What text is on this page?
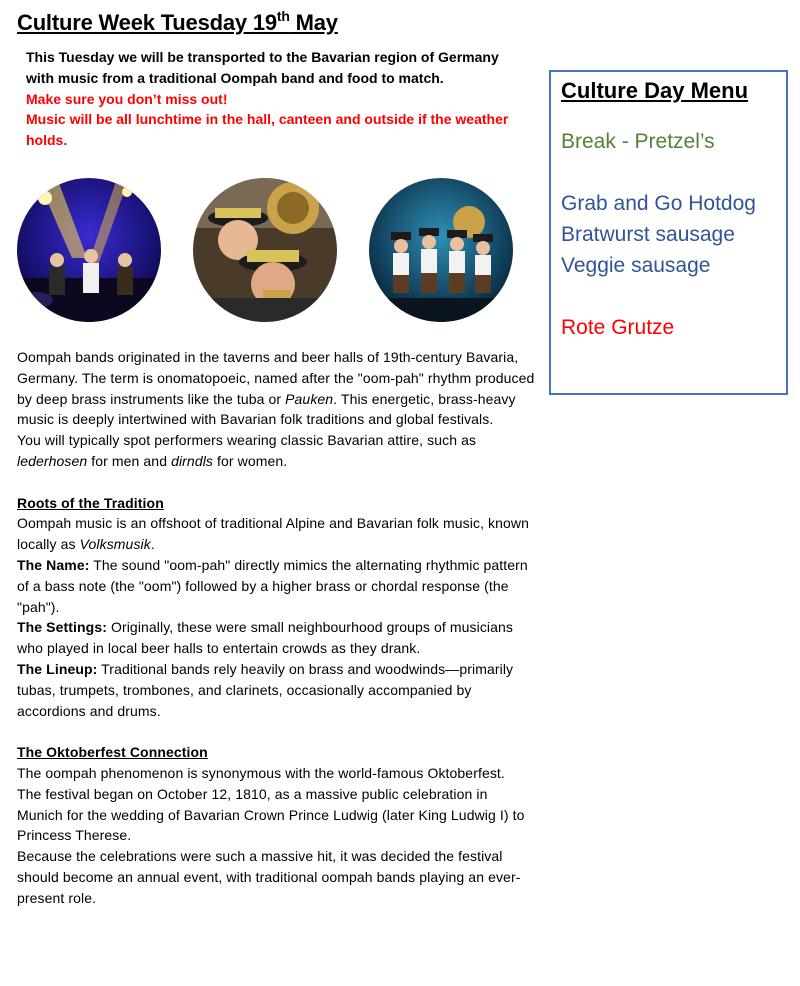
Culture Week Tuesday 19th May
This Tuesday we will be transported to the Bavarian region of Germany with music from a traditional Oompah band and food to match.
Make sure you don’t miss out!
Music will be all lunchtime in the hall, canteen and outside if the weather holds.

Oompah bands originated in the taverns and beer halls of 19th-century Bavaria, Germany. The term is onomatopoeic, named after the "oom-pah" rhythm produced by deep brass instruments like the tuba or Pauken. This energetic, brass-heavy music is deeply intertwined with Bavarian folk traditions and global festivals.

You will typically spot performers wearing classic Bavarian attire, such as lederhosen for men and dirndls for women.

Roots of the Tradition

Oompah music is an offshoot of traditional Alpine and Bavarian folk music, known locally as Volksmusik.

The Name: The sound "oom-pah" directly mimics the alternating rhythmic pattern of a bass note (the "oom") followed by a higher brass or chordal response (the "pah").

The Settings: Originally, these were small neighbourhood groups of musicians who played in local beer halls to entertain crowds as they drank.

The Lineup: Traditional bands rely heavily on brass and woodwinds—primarily tubas, trumpets, trombones, and clarinets, occasionally accompanied by accordions and drums.

The Oktoberfest Connection

The oompah phenomenon is synonymous with the world-famous Oktoberfest.

The festival began on October 12, 1810, as a massive public celebration in Munich for the wedding of Bavarian Crown Prince Ludwig (later King Ludwig I) to Princess Therese.

Because the celebrations were such a massive hit, it was decided the festival should become an annual event, with traditional oompah bands playing an ever-present role.

Culture Day Menu

Break - Pretzel’s

Grab and Go Hotdog

Bratwurst sausage

Veggie sausage

Rote Grutze
